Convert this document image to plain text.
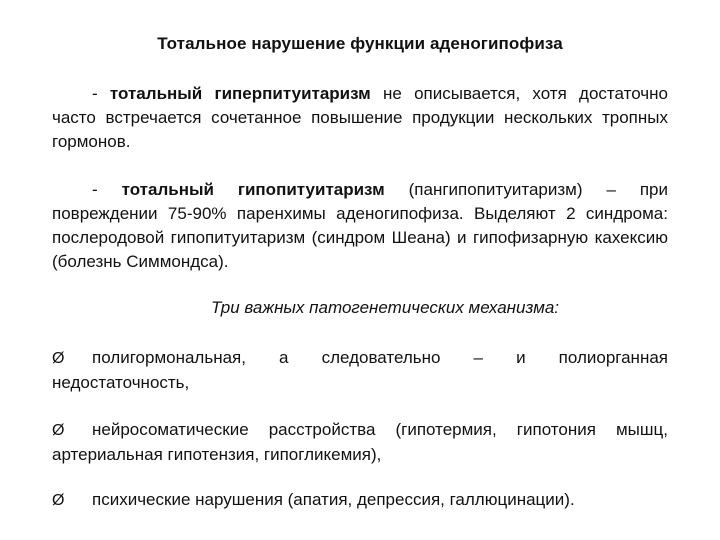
Тотальное нарушение функции аденогипофиза
- тотальный гиперпитуитаризм не описывается, хотя достаточно часто встречается сочетанное повышение продукции нескольких тропных гормонов.
- тотальный гипопитуитаризм (пангипопитуитаризм) – при повреждении 75-90% паренхимы аденогипофиза. Выделяют 2 синдрома: послеродовой гипопитуитаризм (синдром Шеана) и гипофизарную кахексию (болезнь Симмондса).
Три важных патогенетических механизма:
Ø полигормональная, а следовательно – и полиорганная недостаточность,
Ø нейросоматические расстройства (гипотермия, гипотония мышц, артериальная гипотензия, гипогликемия),
Ø психические нарушения (апатия, депрессия, галлюцинации).
